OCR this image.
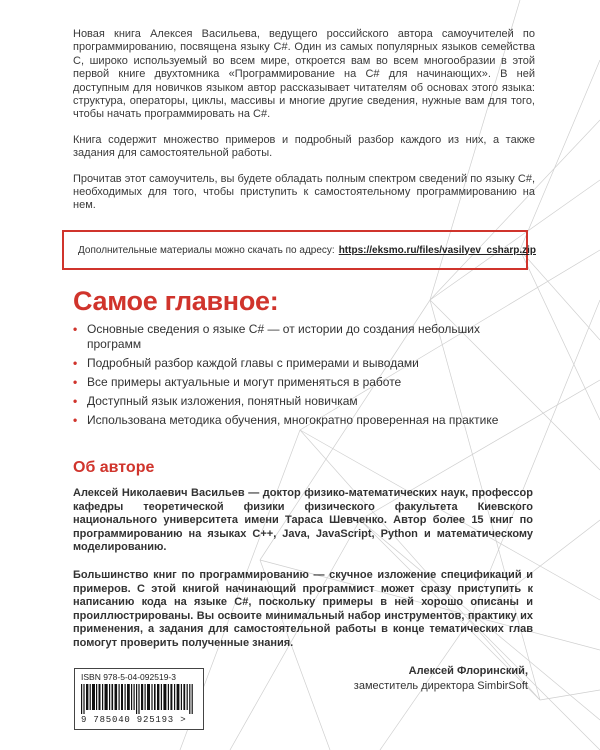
Новая книга Алексея Васильева, ведущего российского автора самоучителей по программированию, посвящена языку C#. Один из самых популярных языков семейства C, широко используемый во всем мире, откроется вам во всем многообразии в этой первой книге двухтомника «Программирование на C# для начинающих». В ней доступным для новичков языком автор рассказывает читателям об основах этого языка: структура, операторы, циклы, массивы и многие другие сведения, нужные вам для того, чтобы начать программировать на C#.

Книга содержит множество примеров и подробный разбор каждого из них, а также задания для самостоятельной работы.

Прочитав этот самоучитель, вы будете обладать полным спектром сведений по языку C#, необходимых для того, чтобы приступить к самостоятельному программированию на нем.

Дополнительные материалы можно скачать по адресу: https://eksmo.ru/files/vasilyev_csharp.zip
Самое главное:
• Основные сведения о языке C# — от истории до создания небольших программ
• Подробный разбор каждой главы с примерами и выводами
• Все примеры актуальные и могут применяться в работе
• Доступный язык изложения, понятный новичкам
• Использована методика обучения, многократно проверенная на практике
Об авторе

Алексей Николаевич Васильев — доктор физико-математических наук, профессор кафедры теоретической физики физического факультета Киевского национального университета имени Тараса Шевченко. Автор более 15 книг по программированию на языках С++, Java, JavaScript, Python и математическому моделированию.

Большинство книг по программированию — скучное изложение спецификаций и примеров. С этой книгой начинающий программист может сразу приступить к написанию кода на языке C#, поскольку примеры в ней хорошо описаны и проиллюстрированы. Вы освоите минимальный набор инструментов, практику их применения, а задания для самостоятельной работы в конце тематических глав помогут проверить полученные знания.

ISBN 978-5-04-092519-3
9 785040 925193 >
Алексей Флоринский,
заместитель директора SimbirSoft
